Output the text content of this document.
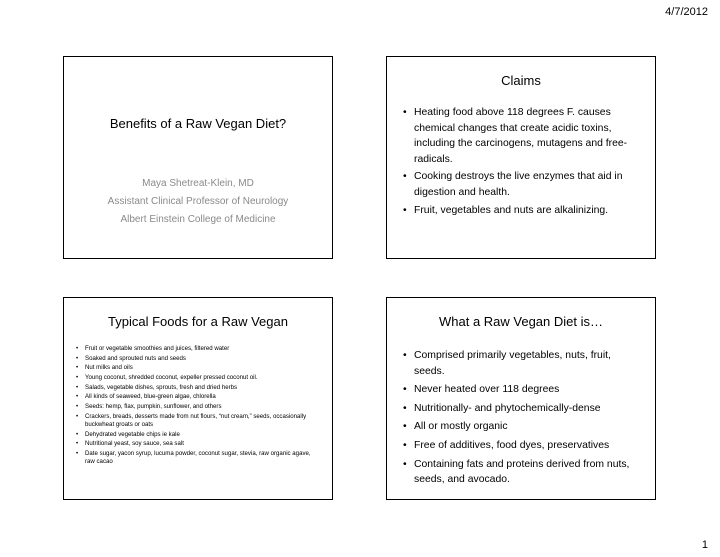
4/7/2012
Benefits of a Raw Vegan Diet?
Maya Shetreat-Klein, MD
Assistant Clinical Professor of Neurology
Albert Einstein College of Medicine
Claims
• Heating food above 118 degrees F. causes chemical changes that create acidic toxins, including the carcinogens, mutagens and free-radicals.
• Cooking destroys the live enzymes that aid in digestion and health.
• Fruit, vegetables and nuts are alkalinizing.
Typical Foods for a Raw Vegan
• Fruit or vegetable smoothies and juices, filtered water
• Soaked and sprouted nuts and seeds
• Nut milks and oils
• Young coconut, shredded coconut, expeller pressed coconut oil.
• Salads, vegetable dishes, sprouts, fresh and dried herbs
• All kinds of seaweed, blue-green algae, chlorella
• Seeds: hemp, flax, pumpkin, sunflower, and others
• Crackers, breads, desserts made from nut flours, “nut cream,” seeds, occasionally buckwheat groats or oats
• Dehydrated vegetable chips ie kale
• Nutritional yeast, soy sauce, sea salt
• Date sugar, yacon syrup, lucuma powder, coconut sugar, stevia, raw organic agave, raw cacao
What a Raw Vegan Diet is…
• Comprised primarily vegetables, nuts, fruit, seeds.
• Never heated over 118 degrees
• Nutritionally- and phytochemically-dense
• All or mostly organic
• Free of additives, food dyes, preservatives
• Containing fats and proteins derived from nuts, seeds, and avocado.
1
